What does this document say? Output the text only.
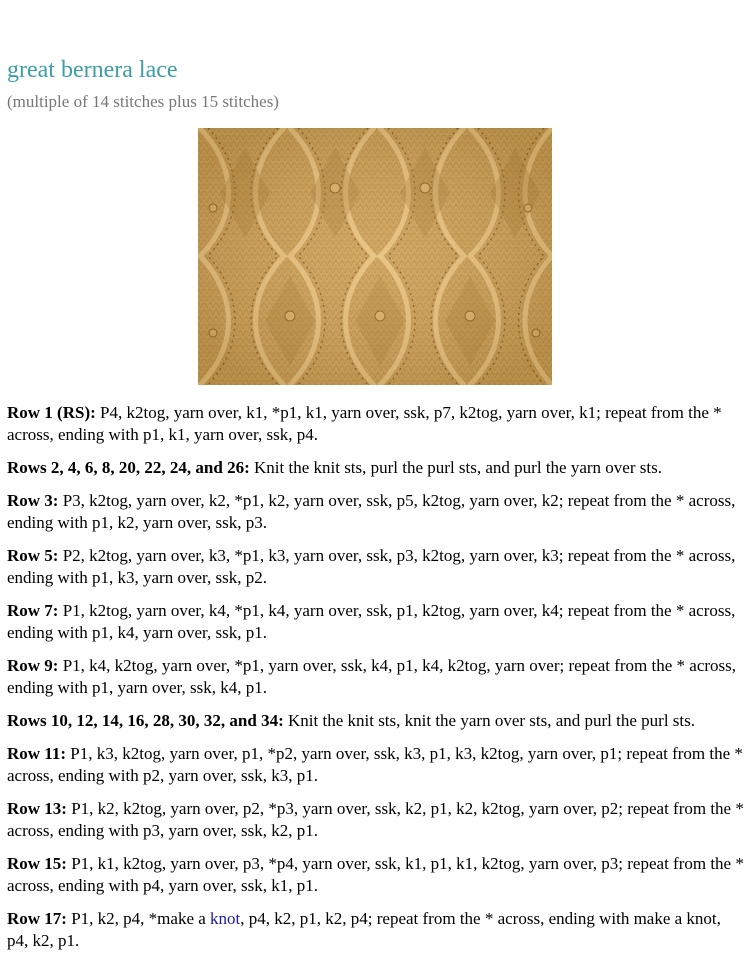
great bernera lace
(multiple of 14 stitches plus 15 stitches)

Row 1 (RS): P4, k2tog, yarn over, k1, *p1, k1, yarn over, ssk, p7, k2tog, yarn over, k1; repeat from the * across, ending with p1, k1, yarn over, ssk, p4.

Rows 2, 4, 6, 8, 20, 22, 24, and 26: Knit the knit sts, purl the purl sts, and purl the yarn over sts.

Row 3: P3, k2tog, yarn over, k2, *p1, k2, yarn over, ssk, p5, k2tog, yarn over, k2; repeat from the * across, ending with p1, k2, yarn over, ssk, p3.

Row 5: P2, k2tog, yarn over, k3, *p1, k3, yarn over, ssk, p3, k2tog, yarn over, k3; repeat from the * across, ending with p1, k3, yarn over, ssk, p2.

Row 7: P1, k2tog, yarn over, k4, *p1, k4, yarn over, ssk, p1, k2tog, yarn over, k4; repeat from the * across, ending with p1, k4, yarn over, ssk, p1.

Row 9: P1, k4, k2tog, yarn over, *p1, yarn over, ssk, k4, p1, k4, k2tog, yarn over; repeat from the * across, ending with p1, yarn over, ssk, k4, p1.

Rows 10, 12, 14, 16, 28, 30, 32, and 34: Knit the knit sts, knit the yarn over sts, and purl the purl sts.

Row 11: P1, k3, k2tog, yarn over, p1, *p2, yarn over, ssk, k3, p1, k3, k2tog, yarn over, p1; repeat from the * across, ending with p2, yarn over, ssk, k3, p1.

Row 13: P1, k2, k2tog, yarn over, p2, *p3, yarn over, ssk, k2, p1, k2, k2tog, yarn over, p2; repeat from the * across, ending with p3, yarn over, ssk, k2, p1.

Row 15: P1, k1, k2tog, yarn over, p3, *p4, yarn over, ssk, k1, p1, k1, k2tog, yarn over, p3; repeat from the * across, ending with p4, yarn over, ssk, k1, p1.

Row 17: P1, k2, p4, *make a knot, p4, k2, p1, k2, p4; repeat from the * across, ending with make a knot, p4, k2, p1.
